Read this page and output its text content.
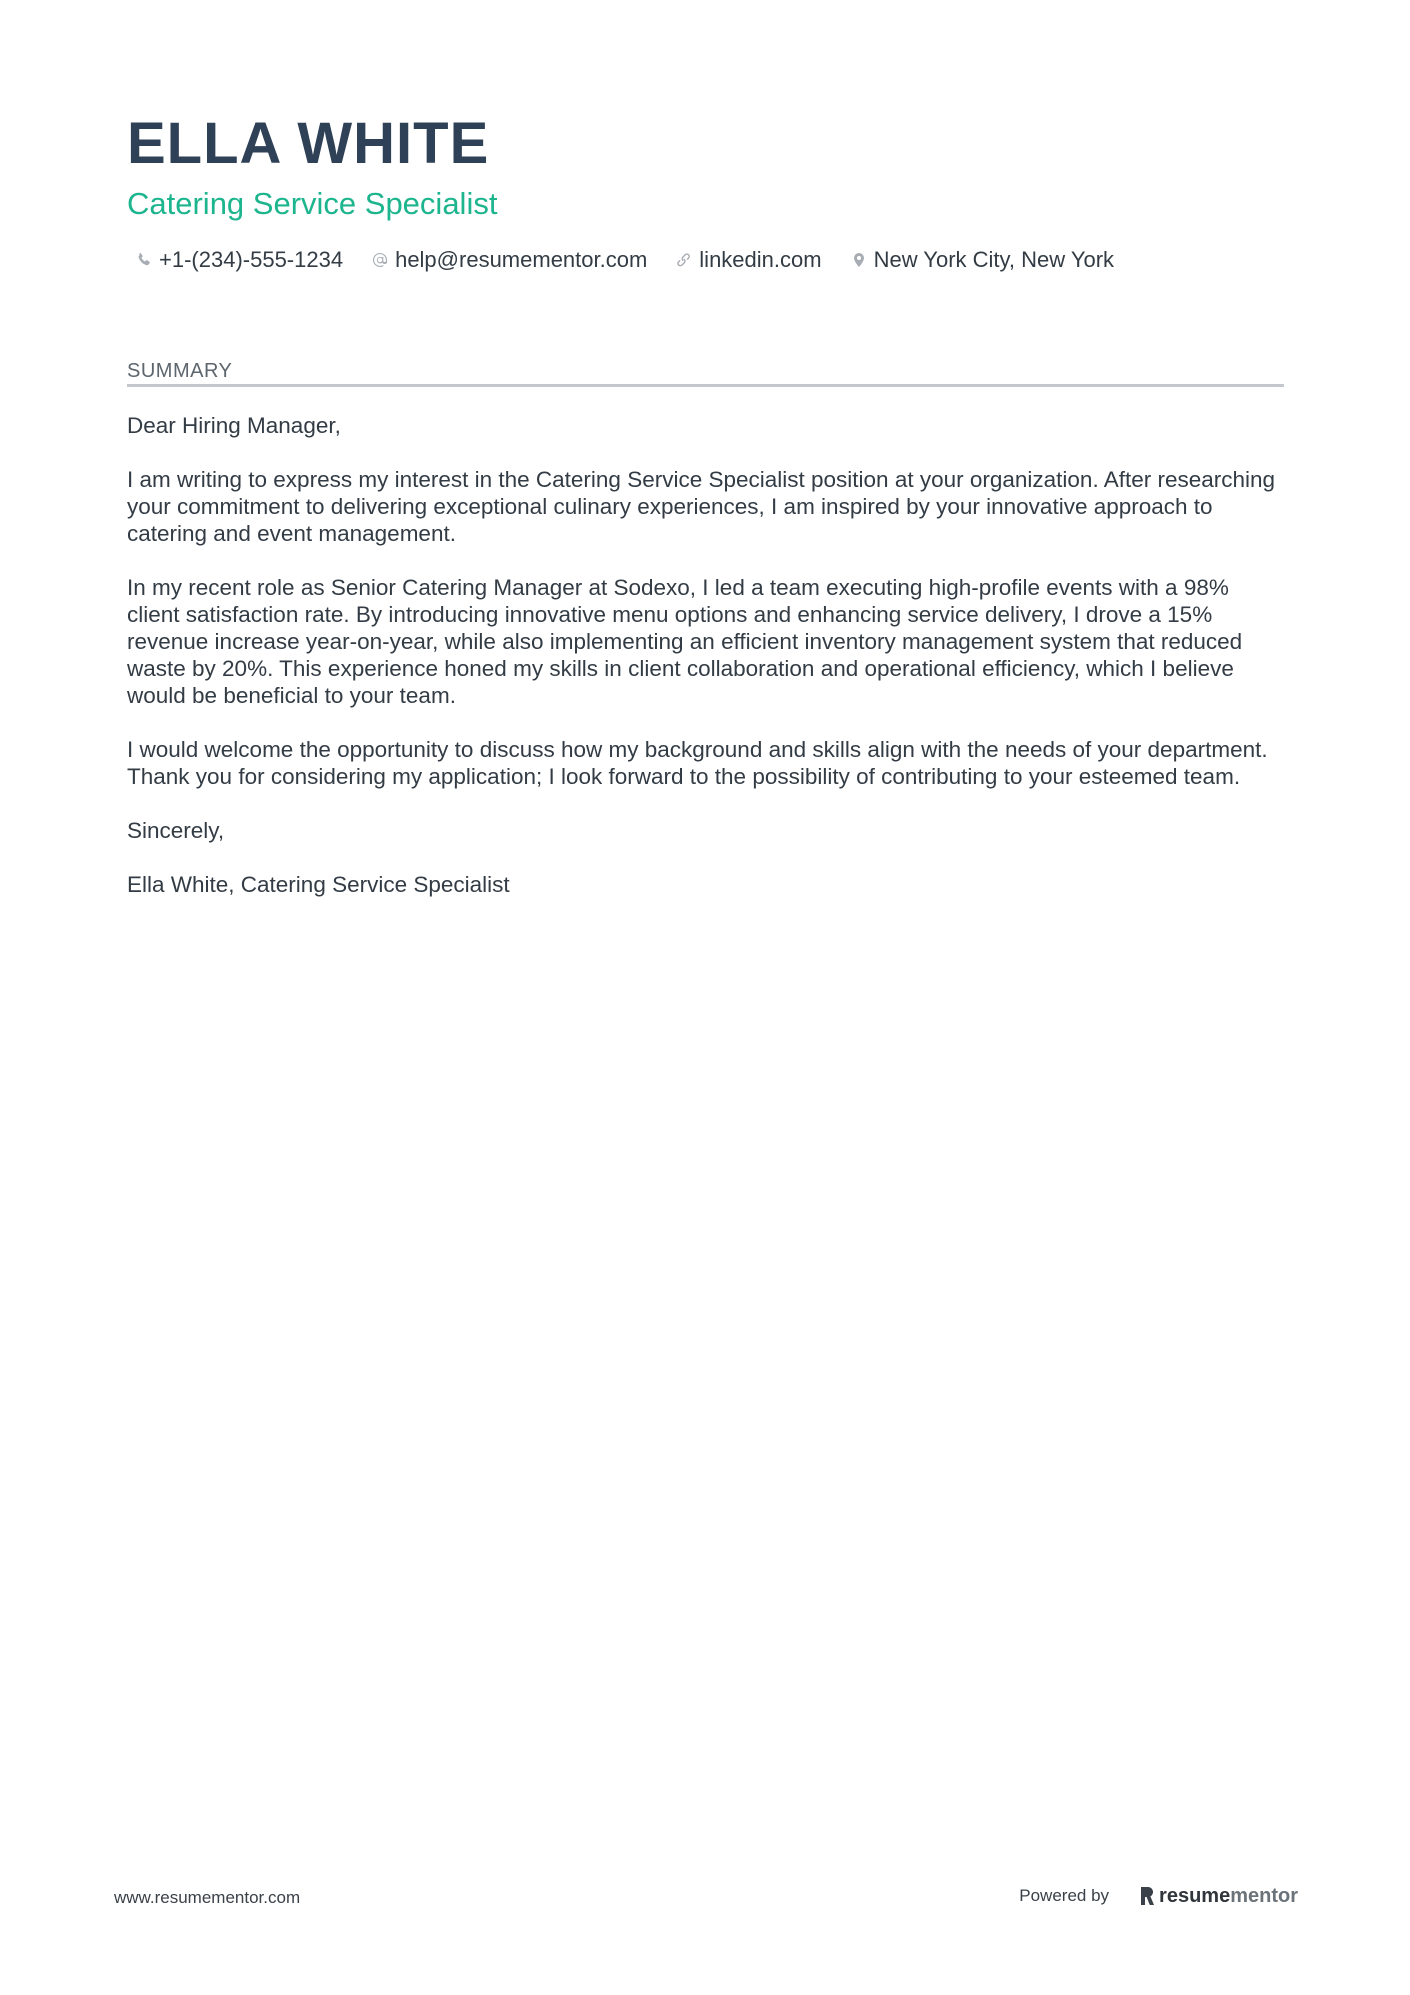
ELLA WHITE
Catering Service Specialist
+1-(234)-555-1234 help@resumementor.com linkedin.com New York City, New York
SUMMARY

Dear Hiring Manager,

I am writing to express my interest in the Catering Service Specialist position at your organization. After researching your commitment to delivering exceptional culinary experiences, I am inspired by your innovative approach to catering and event management.

In my recent role as Senior Catering Manager at Sodexo, I led a team executing high-profile events with a 98% client satisfaction rate. By introducing innovative menu options and enhancing service delivery, I drove a 15% revenue increase year-on-year, while also implementing an efficient inventory management system that reduced waste by 20%. This experience honed my skills in client collaboration and operational efficiency, which I believe would be beneficial to your team.

I would welcome the opportunity to discuss how my background and skills align with the needs of your department. Thank you for considering my application; I look forward to the possibility of contributing to your esteemed team.

Sincerely,

Ella White, Catering Service Specialist

www.resumementor.com	Powered by	resume mentor
